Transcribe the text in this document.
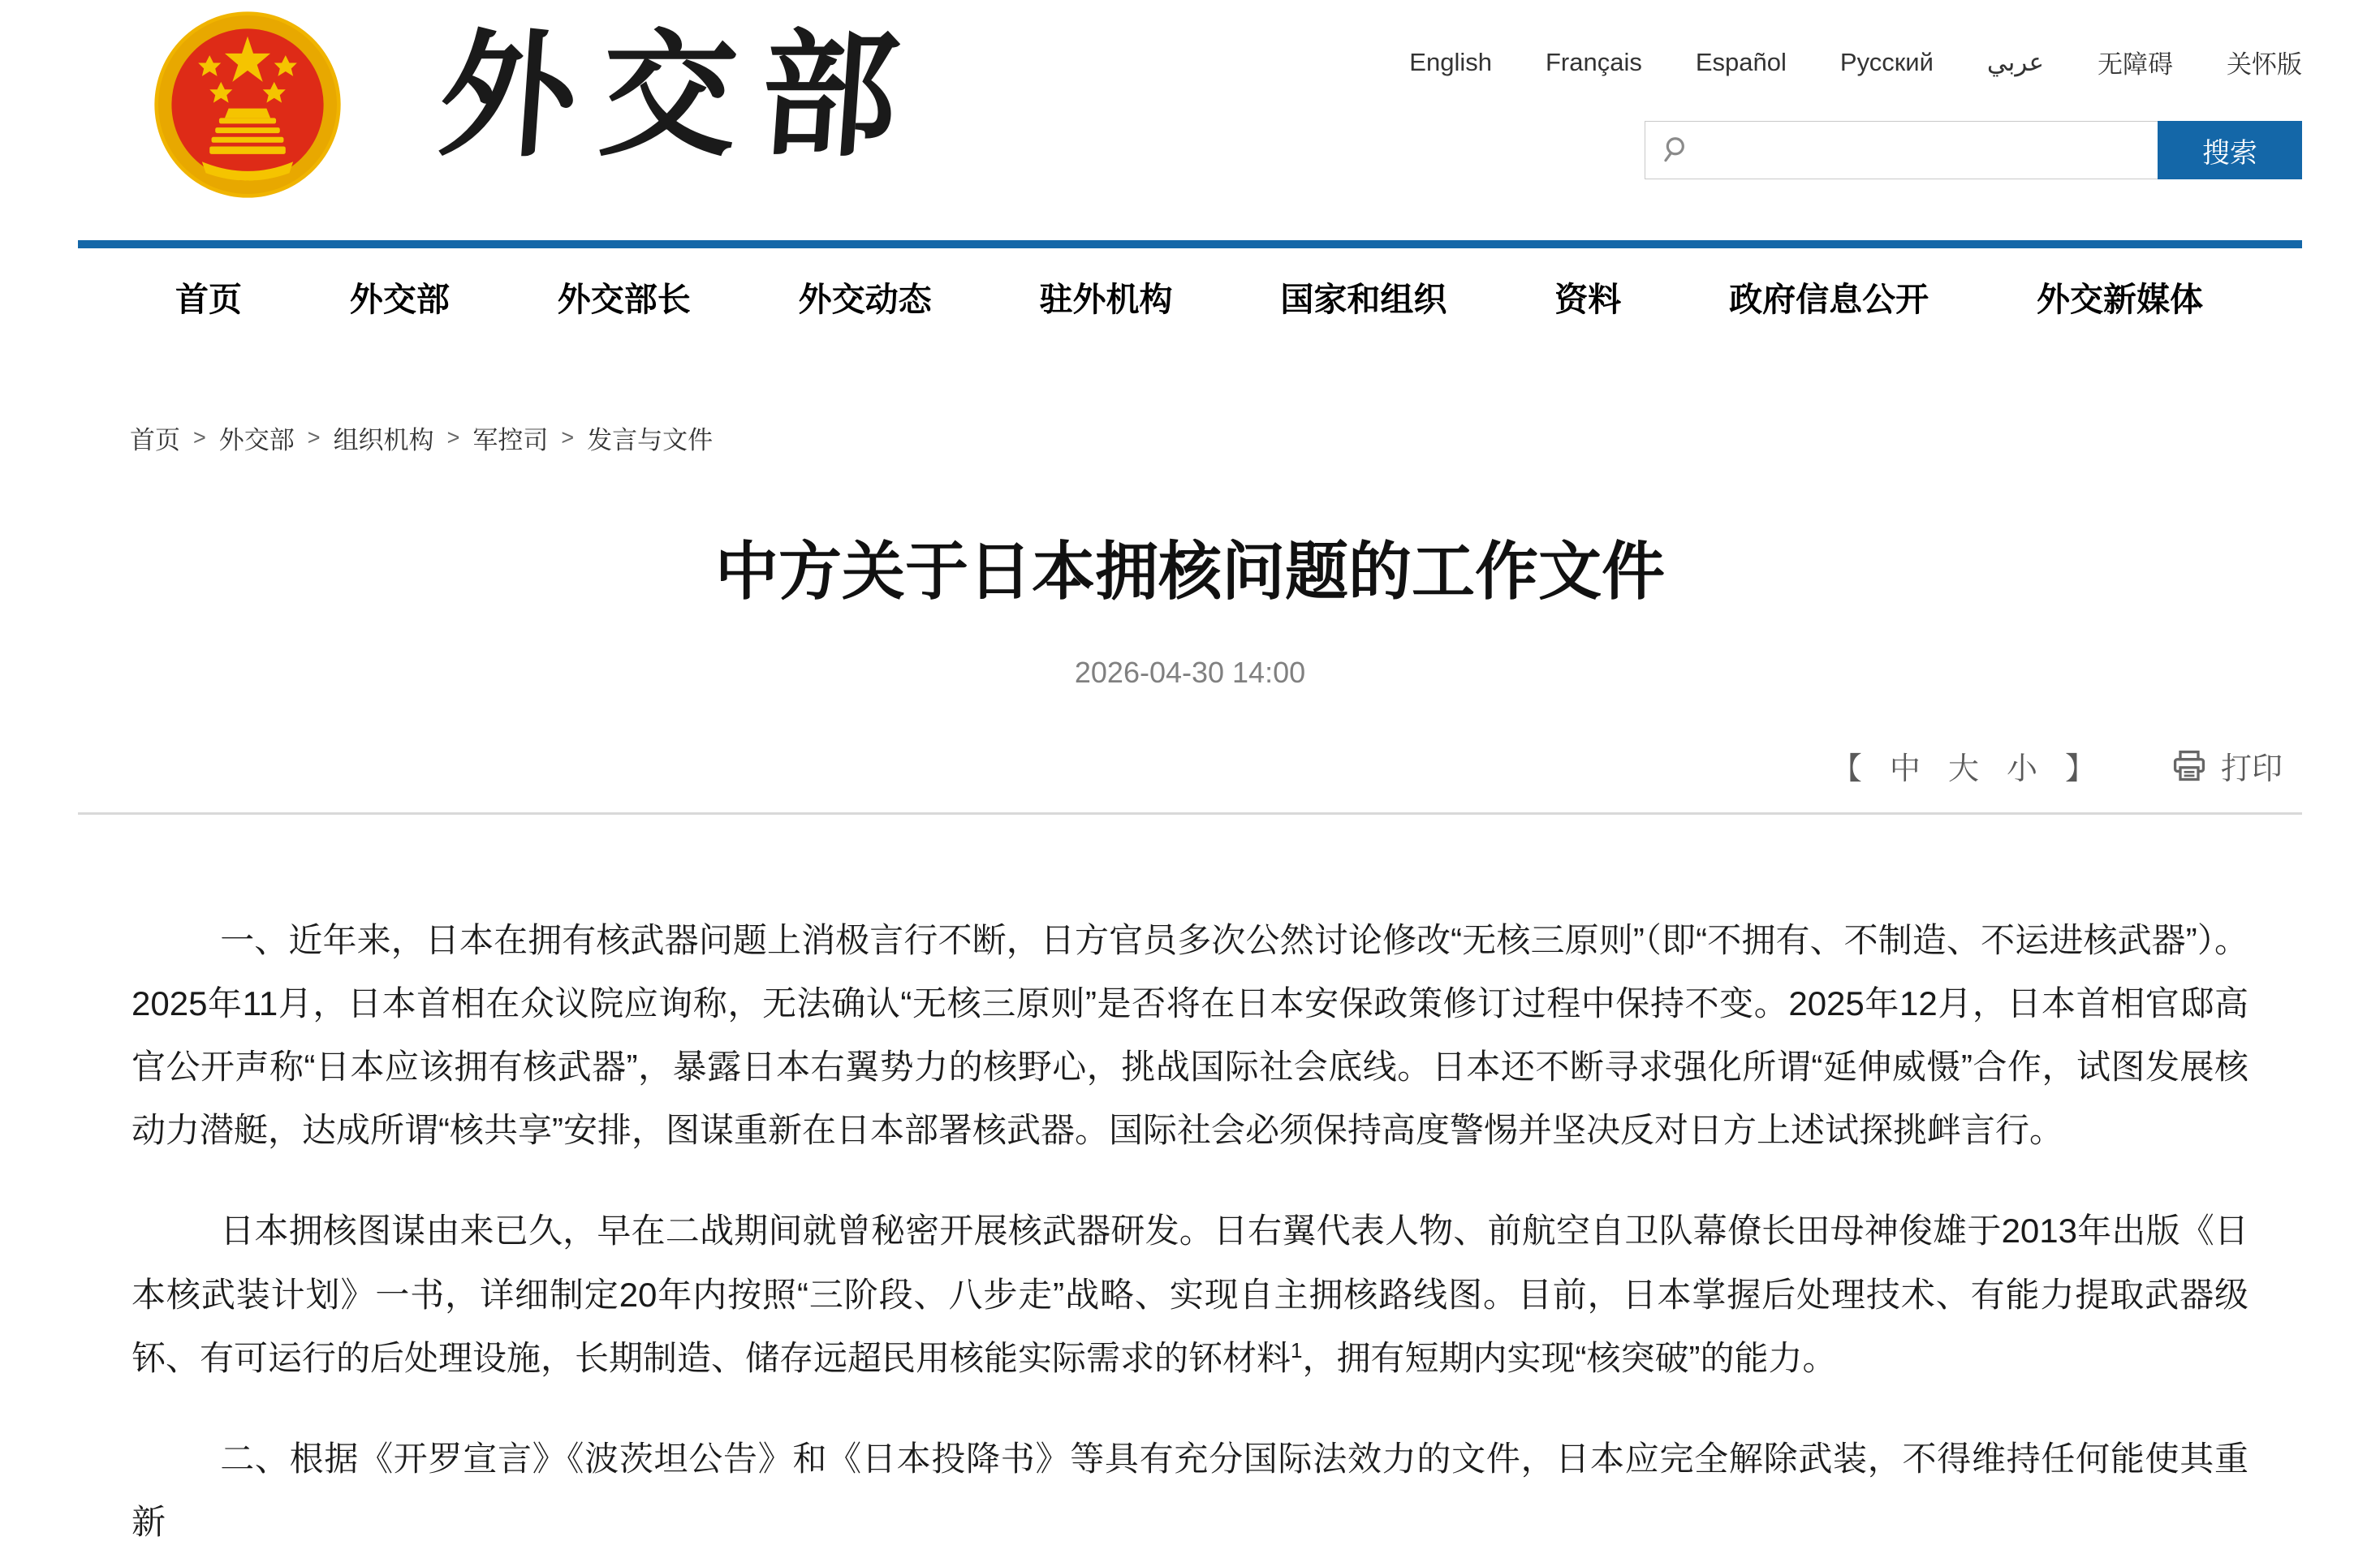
外交部	English Français Español Русский عربي 无障碍 关怀版
搜索
首页	外交部	外交部长	外交动态	驻外机构	国家和组织	资料	政府信息公开	外交新媒体
首页 > 外交部 > 组织机构 > 军控司 > 发言与文件
中方关于日本拥核问题的工作文件
2026-04-30 14:00
【 中 大 小 】	打印

一、近年来，日本在拥有核武器问题上消极言行不断，日方官员多次公然讨论修改“无核三原则”（即“不拥有、不制造、不运进核武器”）。2025年11月，日本首相在众议院应询称，无法确认“无核三原则”是否将在日本安保政策修订过程中保持不变。2025年12月，日本首相官邸高官公开声称“日本应该拥有核武器”，暴露日本右翼势力的核野心，挑战国际社会底线。日本还不断寻求强化所谓“延伸威慑”合作，试图发展核动力潜艇，达成所谓“核共享”安排，图谋重新在日本部署核武器。国际社会必须保持高度警惕并坚决反对日方上述试探挑衅言行。

日本拥核图谋由来已久，早在二战期间就曾秘密开展核武器研发。日右翼代表人物、前航空自卫队幕僚长田母神俊雄于2013年出版《日本核武装计划》一书，详细制定20年内按照“三阶段、八步走”战略、实现自主拥核路线图。目前，日本掌握后处理技术、有能力提取武器级钚、有可运行的后处理设施，长期制造、储存远超民用核能实际需求的钚材料$^1$，拥有短期内实现“核突破”的能力。

二、根据《开罗宣言》《波茨坦公告》和《日本投降书》等具有充分国际法效力的文件，日本应完全解除武装，不得维持任何能使其重新
